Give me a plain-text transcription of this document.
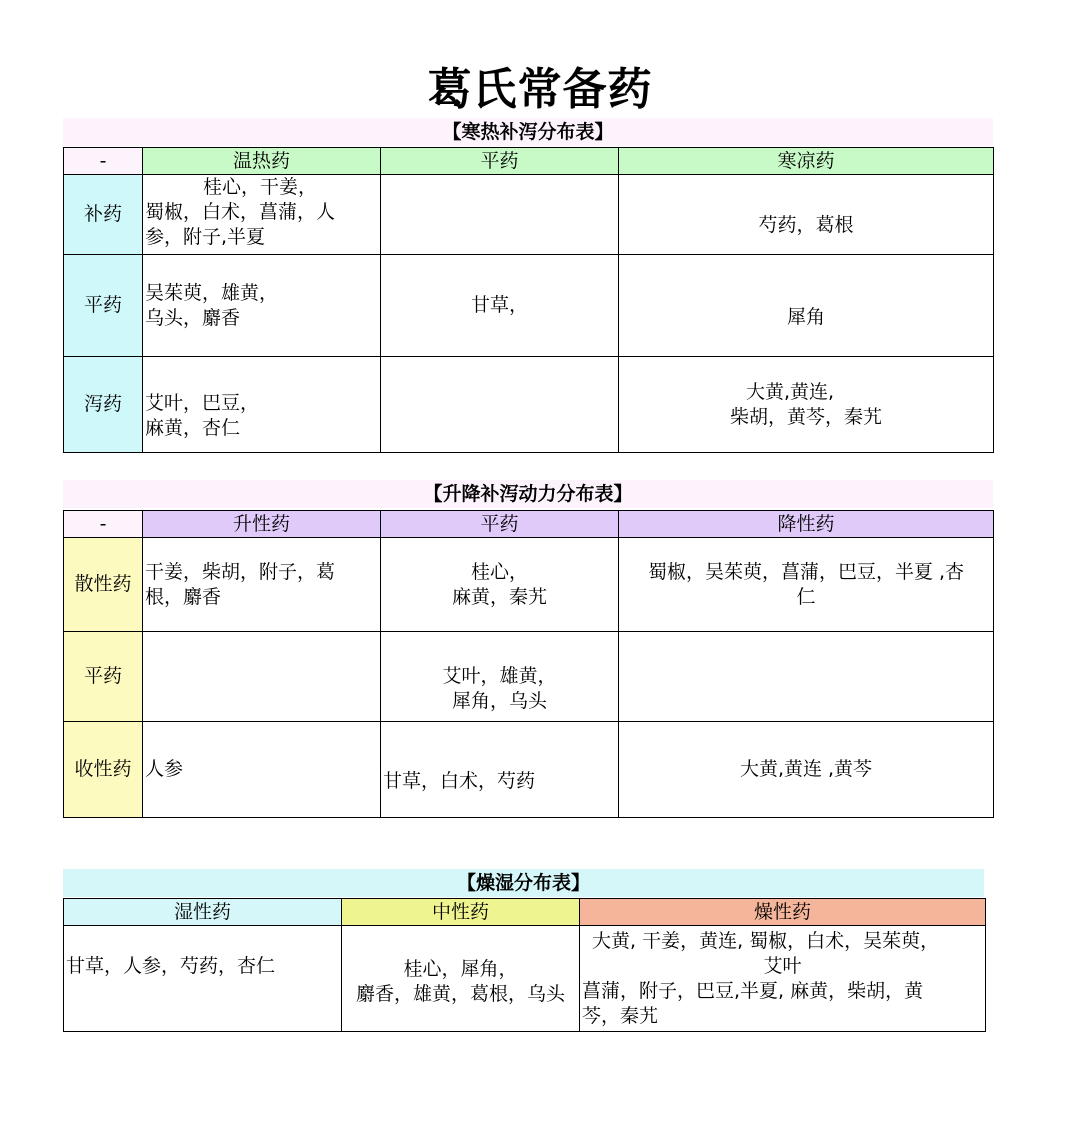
葛氏常备药
【寒热补泻分布表】
-	温热药	平药	寒凉药
补药	桂心，干姜，
蜀椒，白术，菖蒲，人
参，附子,半夏		芍药，葛根
平药	吴茱萸，雄黄，
乌头，麝香	甘草，	犀角
泻药	艾叶，巴豆，
麻黄，杏仁		大黄,黄连,
柴胡，黄芩，秦艽
【升降补泻动力分布表】
-	升性药	平药	降性药
散性药	干姜，柴胡，附子，葛
根，麝香	桂心，
麻黄，秦艽	蜀椒，吴茱萸，菖蒲，巴豆，半夏 ,杏
仁

平药		艾叶，雄黄，
犀角，乌头	

收性药	人参	甘草，白术，芍药	大黄,黄连 ,黄芩
【燥湿分布表】
湿性药	中性药	燥性药
甘草，人参，芍药，杏仁	桂心，犀角，
麝香，雄黄，葛根，乌头	大黄, 干姜，黄连, 蜀椒，白术，吴茱萸，
艾叶
菖蒲，附子，巴豆,半夏, 麻黄，柴胡，黄
芩，秦艽
